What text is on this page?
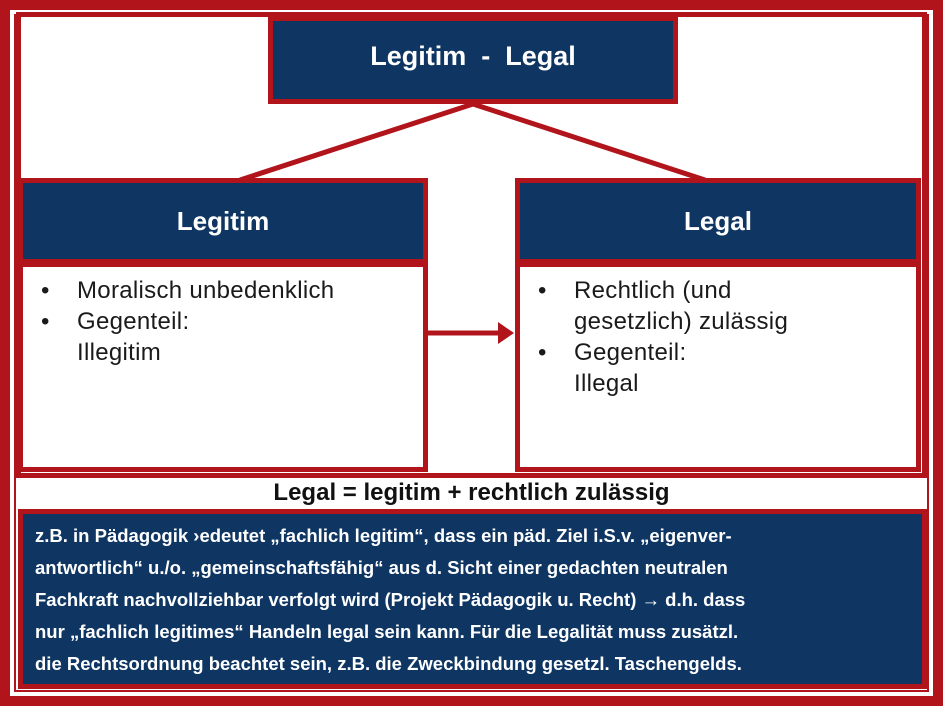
Legitim  -  Legal
Legitim
• Moralisch unbedenklich
• Gegenteil:
Illegitim
Legal
• Rechtlich (und
gesetzlich) zulässig
• Gegenteil:
Illegal
Legal = legitim + rechtlich zulässig

z.B. in Pädagogik ›edeutet „fachlich legitim“, dass ein päd. Ziel i.S.v. „eigenver-

antwortlich“ u./o. „gemeinschaftsfähig“ aus d. Sicht einer gedachten neutralen

Fachkraft nachvollziehbar verfolgt wird (Projekt Pädagogik u. Recht) → d.h. dass

nur „fachlich legitimes“ Handeln legal sein kann. Für die Legalität muss zusätzl.

die Rechtsordnung beachtet sein, z.B. die Zweckbindung gesetzl. Taschengelds.
